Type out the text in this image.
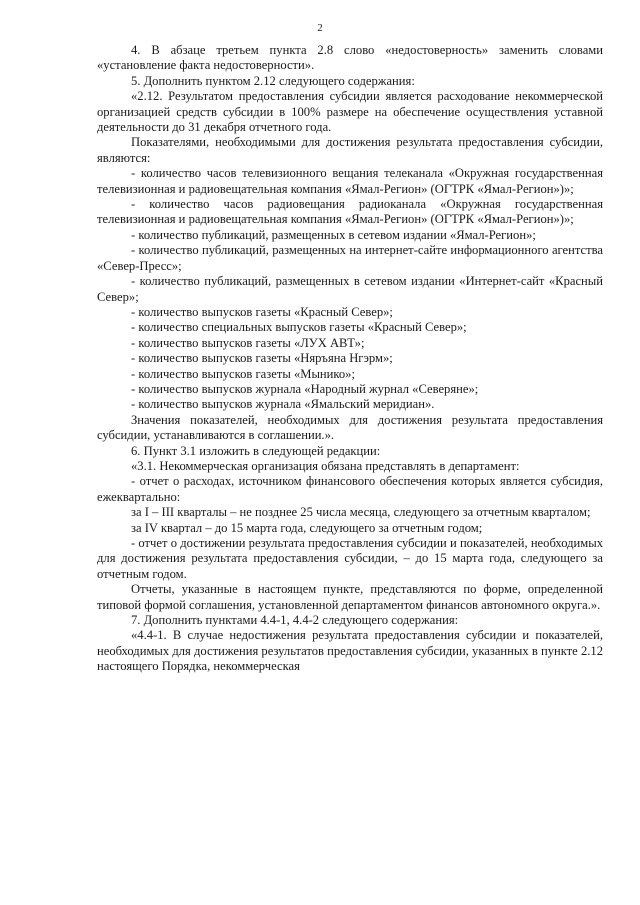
2

4. В абзаце третьем пункта 2.8 слово «недостоверность» заменить словами «установление факта недостоверности».

5. Дополнить пунктом 2.12 следующего содержания:

«2.12. Результатом предоставления субсидии является расходование некоммерческой организацией средств субсидии в 100% размере на обеспечение осуществления уставной деятельности до 31 декабря отчетного года.

Показателями, необходимыми для достижения результата предоставления субсидии, являются:

- количество часов телевизионного вещания телеканала «Окружная государственная телевизионная и радиовещательная компания «Ямал-Регион» (ОГТРК «Ямал-Регион»)»;

- количество часов радиовещания радиоканала «Окружная государственная телевизионная и радиовещательная компания «Ямал-Регион» (ОГТРК «Ямал-Регион»)»;

- количество публикаций, размещенных в сетевом издании «Ямал-Регион»;

- количество публикаций, размещенных на интернет-сайте информационного агентства «Север-Пресс»;

- количество публикаций, размещенных в сетевом издании «Интернет-сайт «Красный Север»;

- количество выпусков газеты «Красный Север»;

- количество специальных выпусков газеты «Красный Север»;

- количество выпусков газеты «ЛУХ АВТ»;

- количество выпусков газеты «Няръяна Нгэрм»;

- количество выпусков газеты «Мынико»;

- количество выпусков журнала «Народный журнал «Северяне»;

- количество выпусков журнала «Ямальский меридиан».

Значения показателей, необходимых для достижения результата предоставления субсидии, устанавливаются в соглашении.».

6. Пункт 3.1 изложить в следующей редакции:

«3.1. Некоммерческая организация обязана представлять в департамент:

- отчет о расходах, источником финансового обеспечения которых является субсидия, ежеквартально:

за I – III кварталы – не позднее 25 числа месяца, следующего за отчетным кварталом;

за IV квартал – до 15 марта года, следующего за отчетным годом;

- отчет о достижении результата предоставления субсидии и показателей, необходимых для достижения результата предоставления субсидии, – до 15 марта года, следующего за отчетным годом.

Отчеты, указанные в настоящем пункте, представляются по форме, определенной типовой формой соглашения, установленной департаментом финансов автономного округа.».

7. Дополнить пунктами 4.4-1, 4.4-2 следующего содержания:

«4.4-1. В случае недостижения результата предоставления субсидии и показателей, необходимых для достижения результатов предоставления субсидии, указанных в пункте 2.12 настоящего Порядка, некоммерческая
